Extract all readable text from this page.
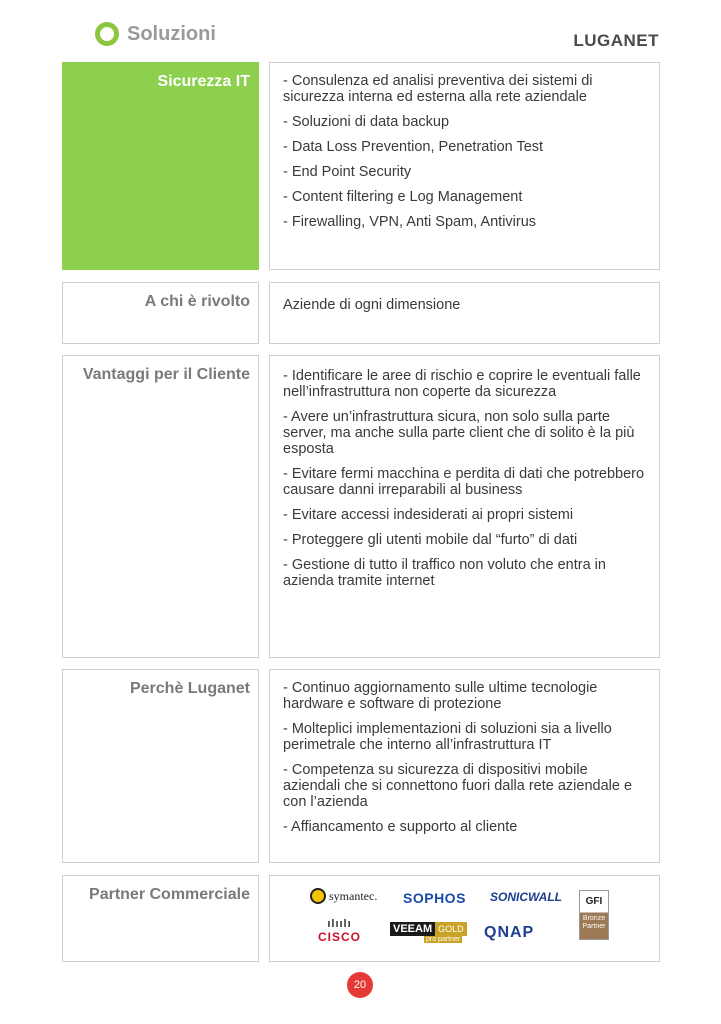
Soluzioni	LUGANET
Sicurezza IT	- Consulenza ed analisi preventiva dei sistemi di sicurezza interna ed esterna alla rete aziendale

- Soluzioni di data backup

- Data Loss Prevention, Penetration Test

- End Point Security

- Content filtering e Log Management

- Firewalling, VPN, Anti Spam, Antivirus

A chi è rivolto	Aziende di ogni dimensione

Vantaggi per il Cliente	- Identificare le aree di rischio e coprire le eventuali falle nell’infrastruttura non coperte da sicurezza

- Avere un’infrastruttura sicura, non solo sulla parte server, ma anche sulla parte client che di solito è la più esposta

- Evitare fermi macchina e perdita di dati che potrebbero causare danni irreparabili al business

- Evitare accessi indesiderati ai propri sistemi

- Proteggere gli utenti mobile dal “furto” di dati

- Gestione di tutto il traffico non voluto che entra in azienda tramite internet

Perchè Luganet	- Continuo aggiornamento sulle ultime tecnologie hardware e software di protezione

- Molteplici implementazioni di soluzioni sia a livello perimetrale che interno all’infrastruttura IT

- Competenza su sicurezza di dispositivi mobile aziendali che si connettono fuori dalla rete aziendale e con l’azienda

- Affiancamento e supporto al cliente

Partner Commerciale	symantec. SOPHOS SONICWALL	GFI
Bronze Partner
ılıılı
CISCO
VEEAM GOLD
pro partner QNAP
20
